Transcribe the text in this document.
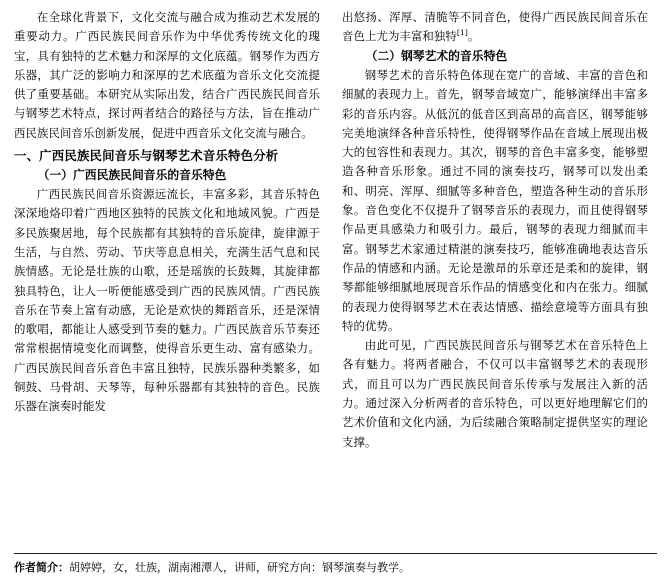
在全球化背景下，文化交流与融合成为推动艺术发展的重要动力。广西民族民间音乐作为中华优秀传统文化的瑰宝，具有独特的艺术魅力和深厚的文化底蕴。钢琴作为西方乐器，其广泛的影响力和深厚的艺术底蕴为音乐文化交流提供了重要基础。本研究从实际出发，结合广西民族民间音乐与钢琴艺术特点，探讨两者结合的路径与方法，旨在推动广西民族民间音乐创新发展，促进中西音乐文化交流与融合。

一、广西民族民间音乐与钢琴艺术音乐特色分析
（一）广西民族民间音乐的音乐特色

广西民族民间音乐资源远流长，丰富多彩，其音乐特色深深地烙印着广西地区独特的民族文化和地域风貌。广西是多民族聚居地，每个民族都有其独特的音乐旋律，旋律源于生活，与自然、劳动、节庆等息息相关，充满生活气息和民族情感。无论是壮族的山歌，还是瑶族的长鼓舞，其旋律都独具特色，让人一听便能感受到广西的民族风情。广西民族音乐在节奏上富有动感，无论是欢快的舞蹈音乐，还是深情的歌唱，都能让人感受到节奏的魅力。广西民族音乐节奏还常常根据情境变化而调整，使得音乐更生动、富有感染力。广西民族民间音乐音色丰富且独特，民族乐器种类繁多，如铜鼓、马骨胡、天琴等，每种乐器都有其独特的音色。民族乐器在演奏时能发

出悠扬、浑厚、清脆等不同音色，使得广西民族民间音乐在音色上尤为丰富和独特[1]。

（二）钢琴艺术的音乐特色

钢琴艺术的音乐特色体现在宽广的音域、丰富的音色和细腻的表现力上。首先，钢琴音域宽广，能够演绎出丰富多彩的音乐内容。从低沉的低音区到高昂的高音区，钢琴能够完美地演绎各种音乐特性，使得钢琴作品在音域上展现出极大的包容性和表现力。其次，钢琴的音色丰富多变，能够塑造各种音乐形象。通过不同的演奏技巧，钢琴可以发出柔和、明亮、浑厚、细腻等多种音色，塑造各种生动的音乐形象。音色变化不仅提升了钢琴音乐的表现力，而且使得钢琴作品更具感染力和吸引力。最后，钢琴的表现力细腻而丰富。钢琴艺术家通过精湛的演奏技巧，能够准确地表达音乐作品的情感和内涵。无论是激昂的乐章还是柔和的旋律，钢琴都能够细腻地展现音乐作品的情感变化和内在张力。细腻的表现力使得钢琴艺术在表达情感、描绘意境等方面具有独特的优势。

由此可见，广西民族民间音乐与钢琴艺术在音乐特色上各有魅力。将两者融合，不仅可以丰富钢琴艺术的表现形式，而且可以为广西民族民间音乐传承与发展注入新的活力。通过深入分析两者的音乐特色，可以更好地理解它们的艺术价值和文化内涵，为后续融合策略制定提供坚实的理论支撑。

作者简介：胡婷婷，女，壮族，湖南湘潭人，讲师，研究方向：钢琴演奏与教学。
